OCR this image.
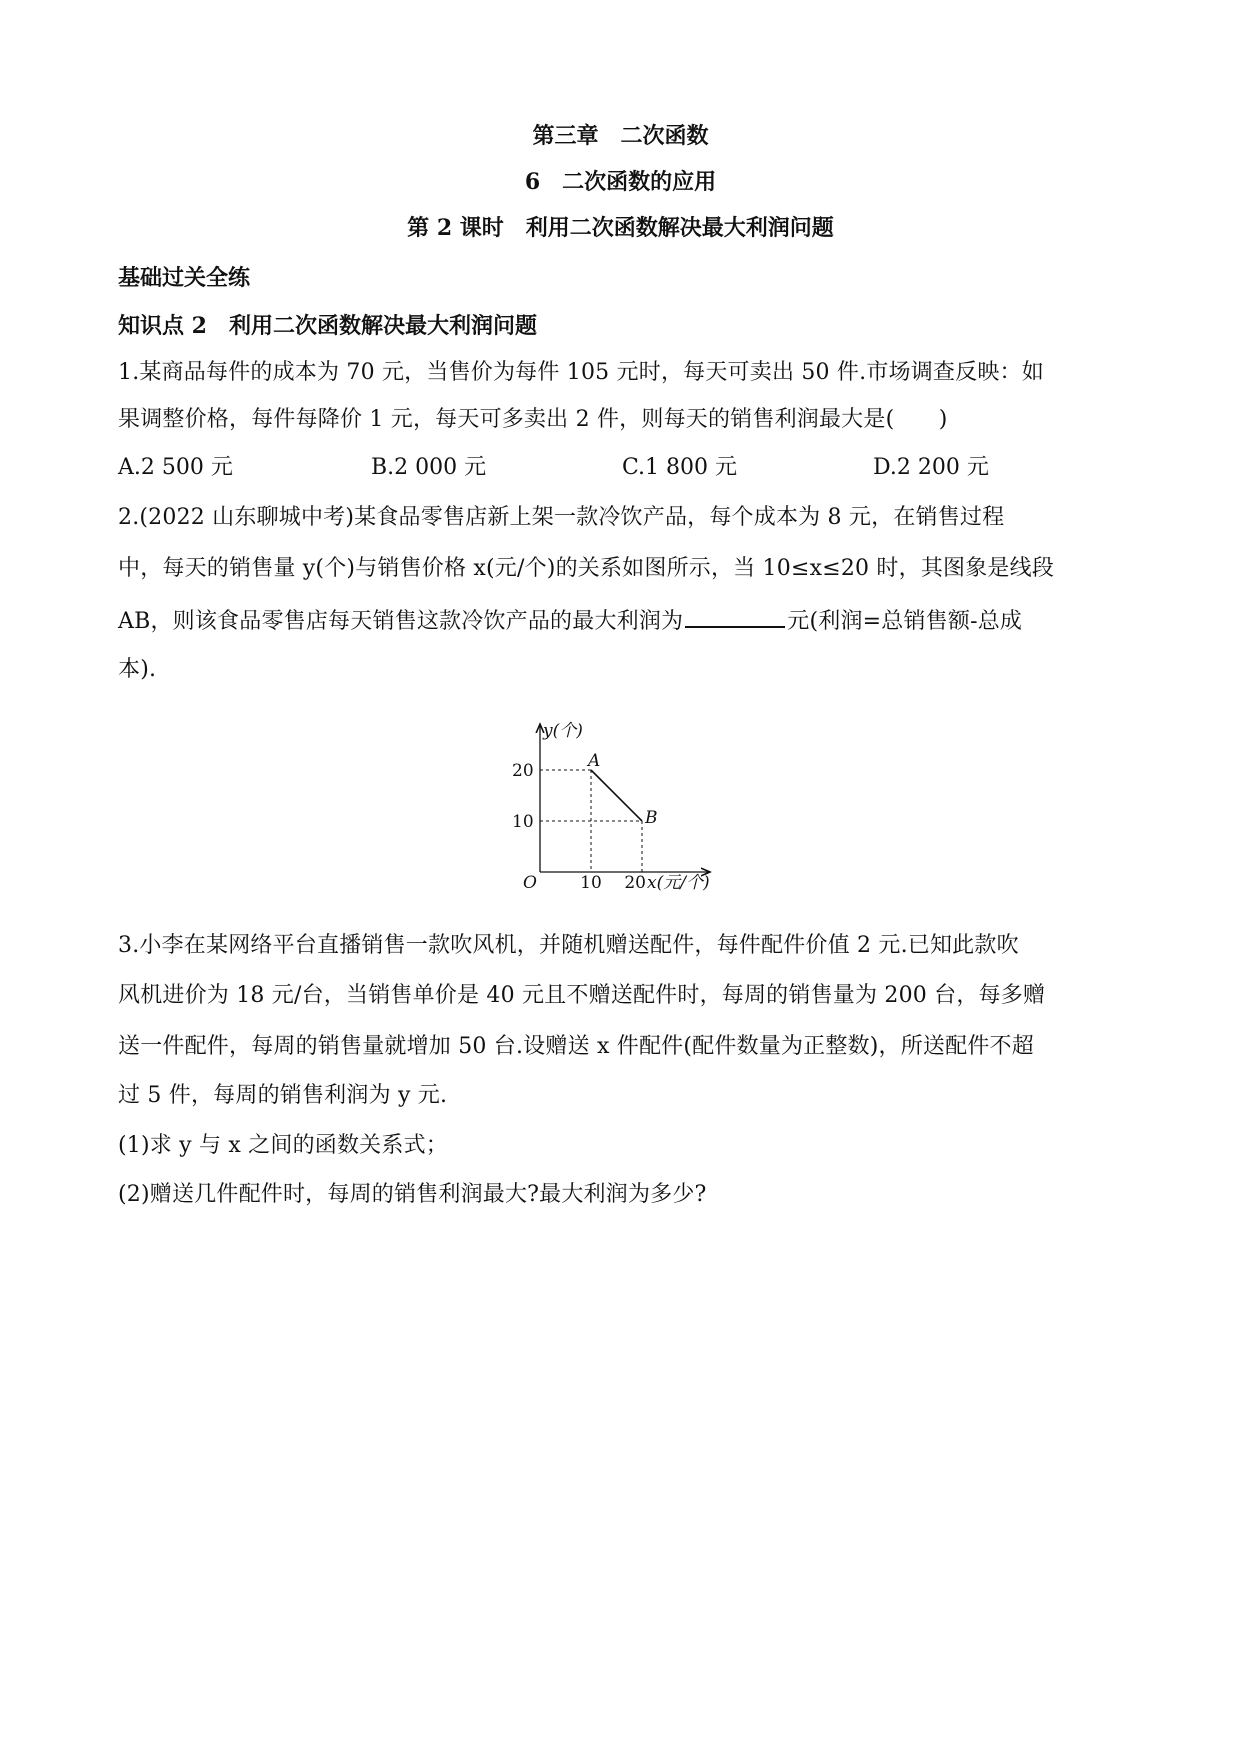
第三章　二次函数
6　二次函数的应用
第 2 课时　利用二次函数解决最大利润问题
基础过关全练
知识点 2　利用二次函数解决最大利润问题
1.某商品每件的成本为 70 元，当售价为每件 105 元时，每天可卖出 50 件.市场调查反映：如
果调整价格，每件每降价 1 元，每天可多卖出 2 件，则每天的销售利润最大是(　　)
A.2 500 元	B.2 000 元	C.1 800 元	D.2 200 元
2.(2022 山东聊城中考)某食品零售店新上架一款冷饮产品，每个成本为 8 元，在销售过程
中，每天的销售量 y(个)与销售价格 x(元/个)的关系如图所示，当 10≤x≤20 时，其图象是线段
AB，则该食品零售店每天销售这款冷饮产品的最大利润为	元(利润=总销售额-总成
本).
y(个)
x(元/个)
O
10
20
10 20
A
B
3.小李在某网络平台直播销售一款吹风机，并随机赠送配件，每件配件价值 2 元.已知此款吹
风机进价为 18 元/台，当销售单价是 40 元且不赠送配件时，每周的销售量为 200 台，每多赠
送一件配件，每周的销售量就增加 50 台.设赠送 x 件配件(配件数量为正整数)，所送配件不超
过 5 件，每周的销售利润为 y 元.
(1)求 y 与 x 之间的函数关系式；
(2)赠送几件配件时，每周的销售利润最大?最大利润为多少?
